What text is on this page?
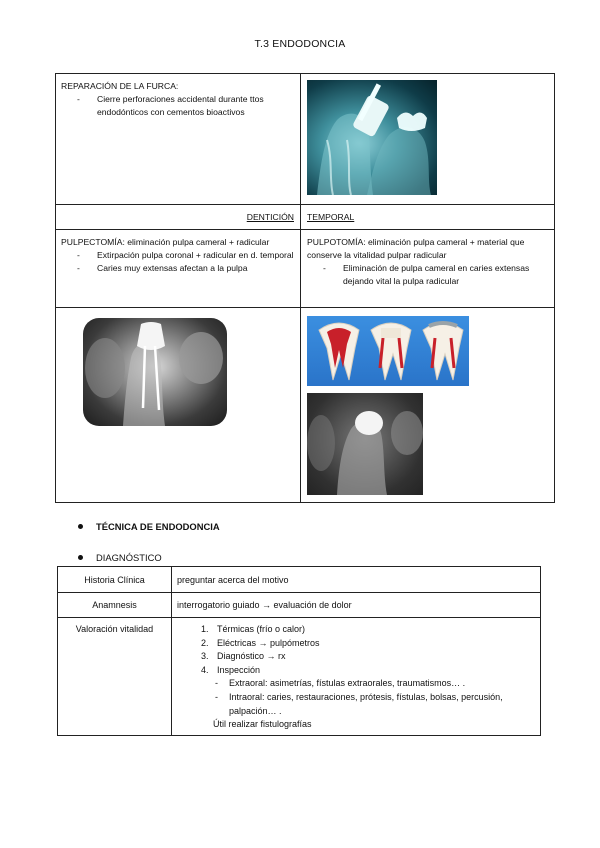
T.3 ENDODONCIA
REPARACIÓN DE LA FURCA:
- Cierre perforaciones accidental durante ttos endodónticos con cementos bioactivos
DENTICIÓN TEMPORAL
PULPECTOMÍA: eliminación pulpa cameral + radicular
- Extirpación pulpa coronal + radicular en d. temporal
- Caries muy extensas afectan a la pulpa
PULPOTOMÍA: eliminación pulpa cameral + material que conserve la vitalidad pulpar radicular
- Eliminación de pulpa cameral en caries extensas dejando vital la pulpa radicular
TÉCNICA DE ENDODONCIA
DIAGNÓSTICO
Historia Clínica	preguntar acerca del motivo
Anamnesis	interrogatorio guiado → evaluación de dolor
Valoración vitalidad	1. Térmicas (frío o calor)
2. Eléctricas → pulpómetros
3. Diagnóstico → rx
4. Inspección
- Extraoral: asimetrías, fístulas extraorales, traumatismos… .
- Intraoral: caries, restauraciones, prótesis, fístulas, bolsas, percusión, palpación… .
Útil realizar fistulografías
